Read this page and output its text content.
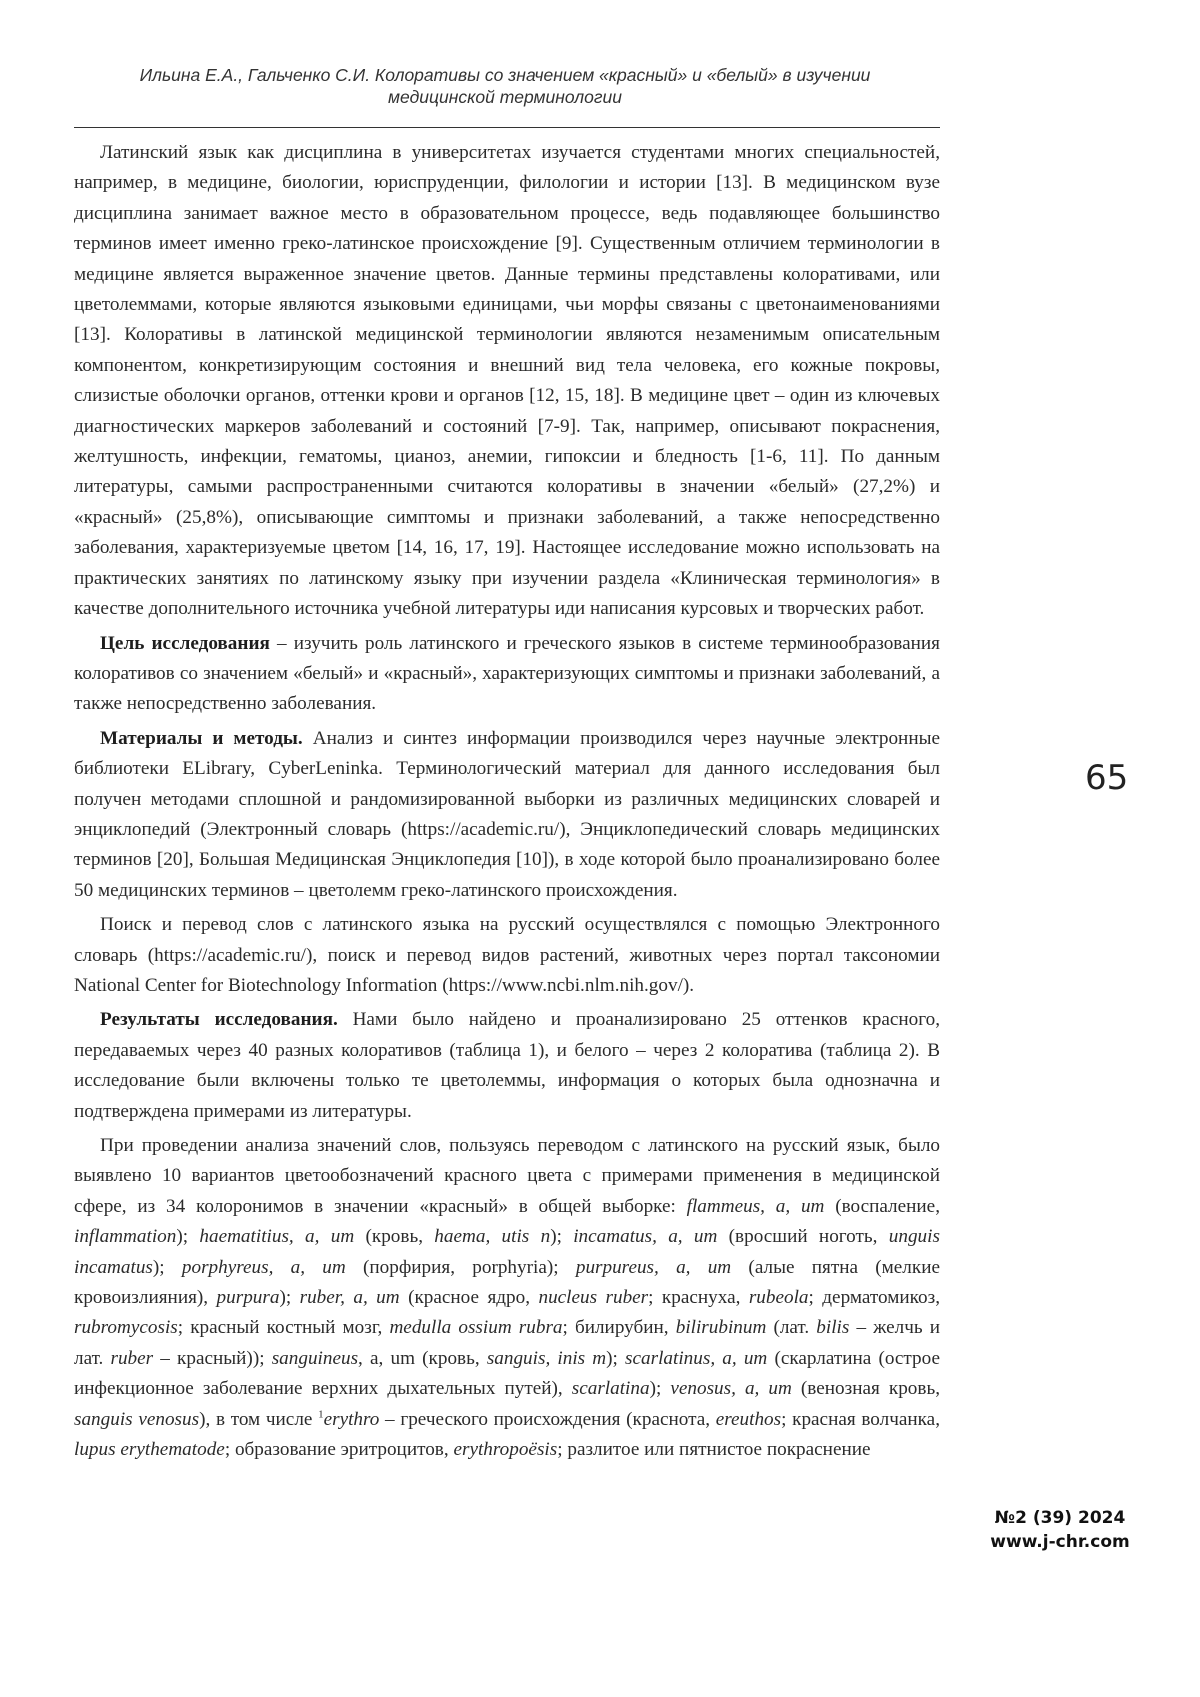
Ильина Е.А., Гальченко С.И. Колоративы со значением «красный» и «белый» в изучении
медицинской терминологии

Латинский язык как дисциплина в университетах изучается студентами многих специальностей, например, в медицине, биологии, юриспруденции, филологии и истории [13]. В медицинском вузе дисциплина занимает важное место в образовательном процессе, ведь подавляющее большинство терминов имеет именно греко-латинское происхождение [9]. Существенным отличием терминологии в медицине является выраженное значение цветов. Данные термины представлены колоративами, или цветолеммами, которые являются языковыми единицами, чьи морфы связаны с цветонаименованиями [13]. Колоративы в латинской медицинской терминологии являются незаменимым описательным компонентом, конкретизирующим состояния и внешний вид тела человека, его кожные покровы, слизистые оболочки органов, оттенки крови и органов [12, 15, 18]. В медицине цвет – один из ключевых диагностических маркеров заболеваний и состояний [7-9]. Так, например, описывают покраснения, желтушность, инфекции, гематомы, цианоз, анемии, гипоксии и бледность [1-6, 11]. По данным литературы, самыми распространенными считаются колоративы в значении «белый» (27,2%) и «красный» (25,8%), описывающие симптомы и признаки заболеваний, а также непосредственно заболевания, характеризуемые цветом [14, 16, 17, 19]. Настоящее исследование можно использовать на практических занятиях по латинскому языку при изучении раздела «Клиническая терминология» в качестве дополнительного источника учебной литературы иди написания курсовых и творческих работ.

Цель исследования – изучить роль латинского и греческого языков в системе терминообразования колоративов со значением «белый» и «красный», характеризующих симптомы и признаки заболеваний, а также непосредственно заболевания.

Материалы и методы. Анализ и синтез информации производился через научные электронные библиотеки ELibrary, CyberLeninka. Терминологический материал для данного исследования был получен методами сплошной и рандомизированной выборки из различных медицинских словарей и энциклопедий (Электронный словарь (https://academic.ru/), Энциклопедический словарь медицинских терминов [20], Большая Медицинская Энциклопедия [10]), в ходе которой было проанализировано более 50 медицинских терминов – цветолемм греко-латинского происхождения.

Поиск и перевод слов с латинского языка на русский осуществлялся с помощью Электронного словарь (https://academic.ru/), поиск и перевод видов растений, животных через портал таксономии National Center for Biotechnology Information (https://www.ncbi.nlm.nih.gov/).

Результаты исследования. Нами было найдено и проанализировано 25 оттенков красного, передаваемых через 40 разных колоративов (таблица 1), и белого – через 2 колоратива (таблица 2). В исследование были включены только те цветолеммы, информация о которых была однозначна и подтверждена примерами из литературы.

При проведении анализа значений слов, пользуясь переводом с латинского на русский язык, было выявлено 10 вариантов цветообозначений красного цвета с примерами применения в медицинской сфере, из 34 колоронимов в значении «красный» в общей выборке: flammeus, a, um (воспаление, inflammation); haematitius, a, um (кровь, haema, utis n); incamatus, a, um (вросший ноготь, unguis incamatus); porphyreus, a, um (порфирия, porphyria); purpureus, a, um (алые пятна (мелкие кровоизлияния), purpura); ruber, a, um (красное ядро, nucleus ruber; краснуха, rubeola; дерматомикоз, rubromycosis; красный костный мозг, medulla ossium rubra; билирубин, bilirubinum (лат. bilis – желчь и лат. ruber – красный)); sanguineus, a, um (кровь, sanguis, inis m); scarlatinus, a, um (скарлатина (острое инфекционное заболевание верхних дыхательных путей), scarlatina); venosus, a, um (венозная кровь, sanguis venosus), в том числе $^1$erythro – греческого происхождения (краснота, ereuthos; красная волчанка, lupus erythematode; образование эритроцитов, erythropoёsis; разлитое или пятнистое покраснение

65
№2 (39) 2024
www.j-chr.com
